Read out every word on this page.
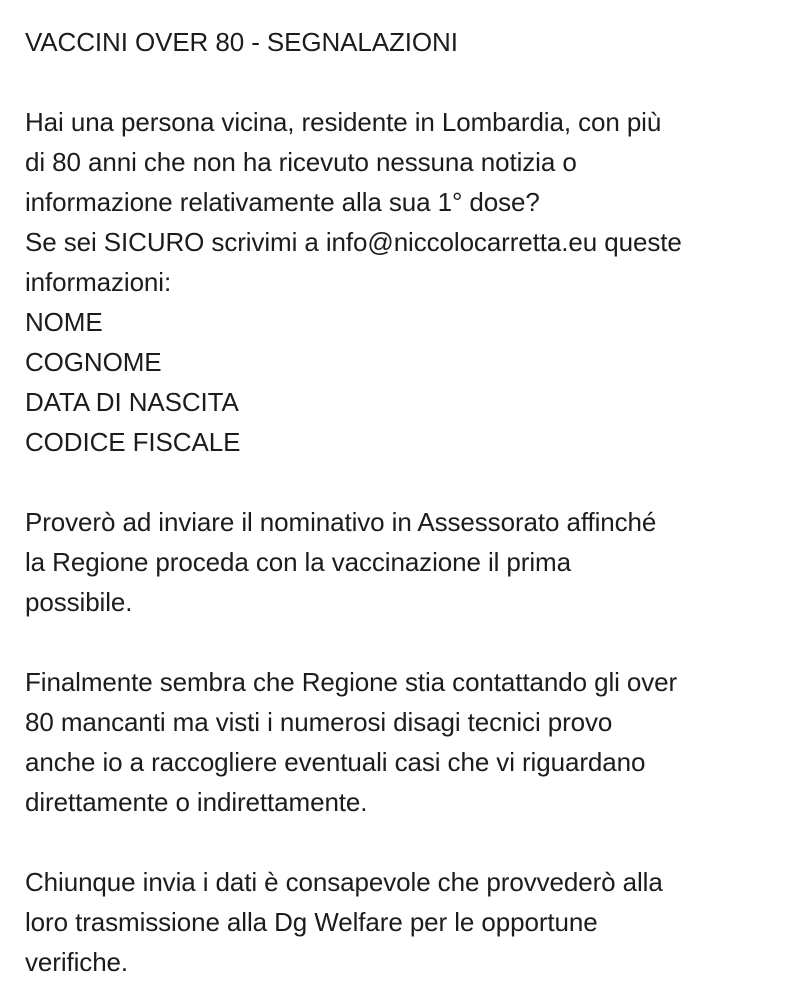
VACCINI OVER 80 - SEGNALAZIONI
Hai una persona vicina, residente in Lombardia, con più
di 80 anni che non ha ricevuto nessuna notizia o
informazione relativamente alla sua 1° dose?
Se sei SICURO scrivimi a info@niccolocarretta.eu queste
informazioni:
NOME
COGNOME
DATA DI NASCITA
CODICE FISCALE
Proverò ad inviare il nominativo in Assessorato affinché
la Regione proceda con la vaccinazione il prima
possibile.
Finalmente sembra che Regione stia contattando gli over
80 mancanti ma visti i numerosi disagi tecnici provo
anche io a raccogliere eventuali casi che vi riguardano
direttamente o indirettamente.
Chiunque invia i dati è consapevole che provvederò alla
loro trasmissione alla Dg Welfare per le opportune
verifiche.
